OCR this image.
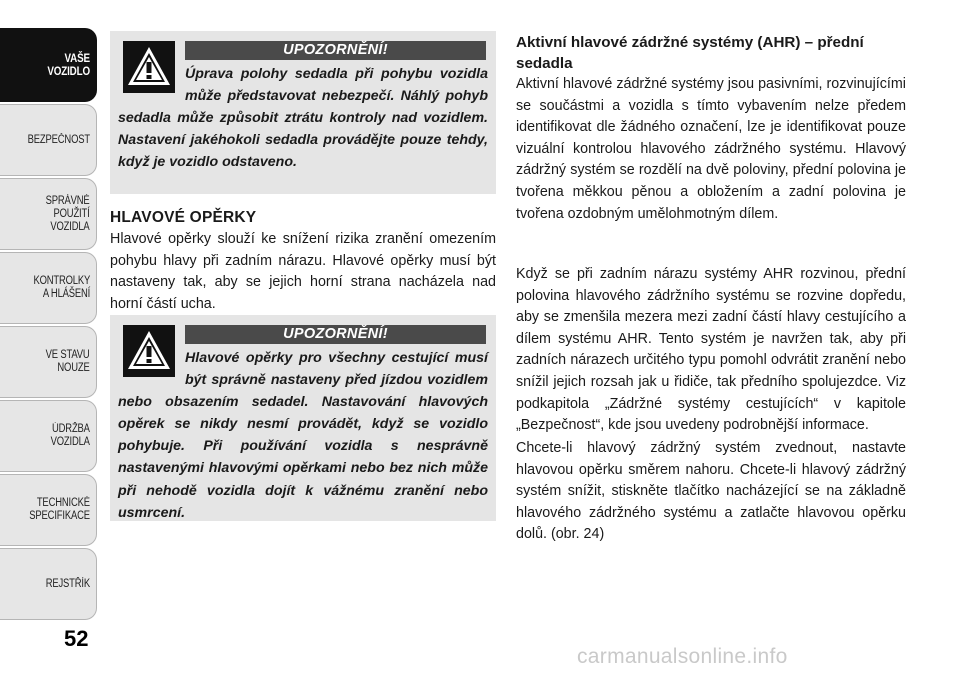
VAŠE
VOZIDLO
BEZPEČNOST
SPRÁVNÉ
POUŽITÍ
VOZIDLA
KONTROLKY
A HLÁŠENÍ
VE STAVU
NOUZE
ÚDRŽBA
VOZIDLA
TECHNICKÉ
SPECIFIKACE
REJSTŘÍK
52
UPOZORNĚNÍ!
Úprava polohy sedadla při pohybu vozidla může představovat nebezpečí. Náhlý pohyb sedadla může způsobit ztrátu kontroly nad vozidlem. Nastavení jakéhokoli sedadla provádějte pouze tehdy, když je vozidlo odstaveno.
HLAVOVÉ OPĚRKY
Hlavové opěrky slouží ke snížení rizika zranění omezením pohybu hlavy při zadním nárazu. Hlavové opěrky musí být nastaveny tak, aby se jejich horní strana nacházela nad horní částí ucha.
UPOZORNĚNÍ!
Hlavové opěrky pro všechny cestující musí být správně nastaveny před jízdou vozidlem nebo obsazením sedadel. Nastavování hlavových opěrek se nikdy nesmí provádět, když se vozidlo pohybuje. Při používání vozidla s nesprávně nastavenými hlavovými opěrkami nebo bez nich může při nehodě vozidla dojít k vážnému zranění nebo usmrcení.
Aktivní hlavové zádržné systémy (AHR) – přední sedadla
Aktivní hlavové zádržné systémy jsou pasivními, rozvinujícími se součástmi a vozidla s tímto vybavením nelze předem identifikovat dle žádného označení, lze je identifikovat pouze vizuální kontrolou hlavového zádržného systému. Hlavový zádržný systém se rozdělí na dvě poloviny, přední polovina je tvořena měkkou pěnou a obložením a zadní polovina je tvořena ozdobným umělohmotným dílem.
Když se při zadním nárazu systémy AHR rozvinou, přední polovina hlavového zádržního systému se rozvine dopředu, aby se zmenšila mezera mezi zadní částí hlavy cestujícího a dílem systému AHR. Tento systém je navržen tak, aby při zadních nárazech určitého typu pomohl odvrátit zranění nebo snížil jejich rozsah jak u řidiče, tak předního spolujezdce. Viz podkapitola „Zádržné systémy cestujících“ v kapitole „Bezpečnost“, kde jsou uvedeny podrobnější informace.
Chcete-li hlavový zádržný systém zvednout, nastavte hlavovou opěrku směrem nahoru. Chcete-li hlavový zádržný systém snížit, stiskněte tlačítko nacházející se na základně hlavového zádržného systému a zatlačte hlavovou opěrku dolů. (obr. 24)
carmanualsonline.info
